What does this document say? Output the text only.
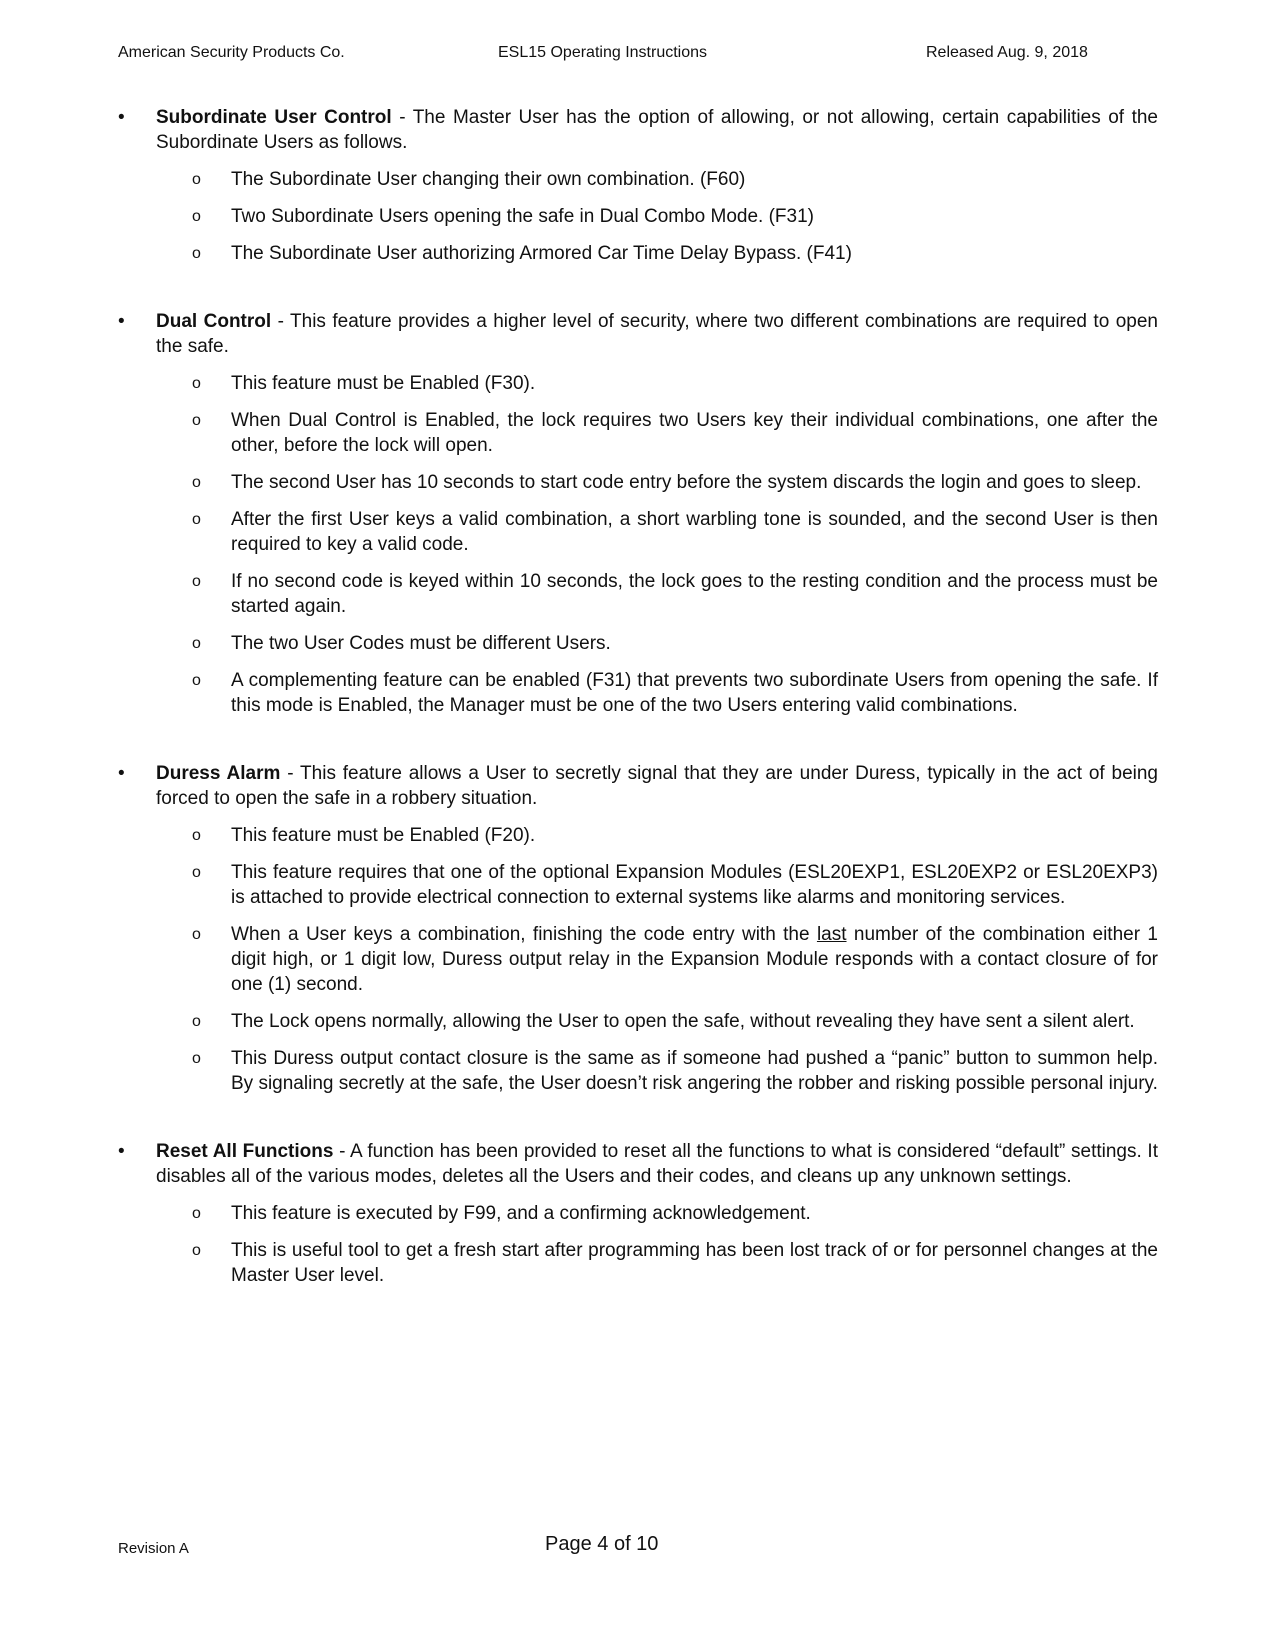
American Security Products Co.	ESL15 Operating Instructions	Released Aug. 9, 2018
•	Subordinate User Control - The Master User has the option of allowing, or not allowing, certain capabilities of the Subordinate Users as follows.

o The Subordinate User changing their own combination. (F60)
o Two Subordinate Users opening the safe in Dual Combo Mode. (F31)
o The Subordinate User authorizing Armored Car Time Delay Bypass. (F41)
•	Dual Control - This feature provides a higher level of security, where two different combinations are required to open the safe.

o This feature must be Enabled (F30).
o When Dual Control is Enabled, the lock requires two Users key their individual combinations, one after the other, before the lock will open.
o The second User has 10 seconds to start code entry before the system discards the login and goes to sleep.
o After the first User keys a valid combination, a short warbling tone is sounded, and the second User is then required to key a valid code.
o If no second code is keyed within 10 seconds, the lock goes to the resting condition and the process must be started again.
o The two User Codes must be different Users.
o A complementing feature can be enabled (F31) that prevents two subordinate Users from opening the safe. If this mode is Enabled, the Manager must be one of the two Users entering valid combinations.
•	Duress Alarm - This feature allows a User to secretly signal that they are under Duress, typically in the act of being forced to open the safe in a robbery situation.

o This feature must be Enabled (F20).
o This feature requires that one of the optional Expansion Modules (ESL20EXP1, ESL20EXP2 or ESL20EXP3) is attached to provide electrical connection to external systems like alarms and monitoring services.
o When a User keys a combination, finishing the code entry with the last number of the combination either 1 digit high, or 1 digit low, Duress output relay in the Expansion Module responds with a contact closure of for one (1) second.
o The Lock opens normally, allowing the User to open the safe, without revealing they have sent a silent alert.
o This Duress output contact closure is the same as if someone had pushed a “panic” button to summon help. By signaling secretly at the safe, the User doesn’t risk angering the robber and risking possible personal injury.
•	Reset All Functions - A function has been provided to reset all the functions to what is considered “default” settings. It disables all of the various modes, deletes all the Users and their codes, and cleans up any unknown settings.

o This feature is executed by F99, and a confirming acknowledgement.
o This is useful tool to get a fresh start after programming has been lost track of or for personnel changes at the Master User level.
Revision A	Page 4 of 10
